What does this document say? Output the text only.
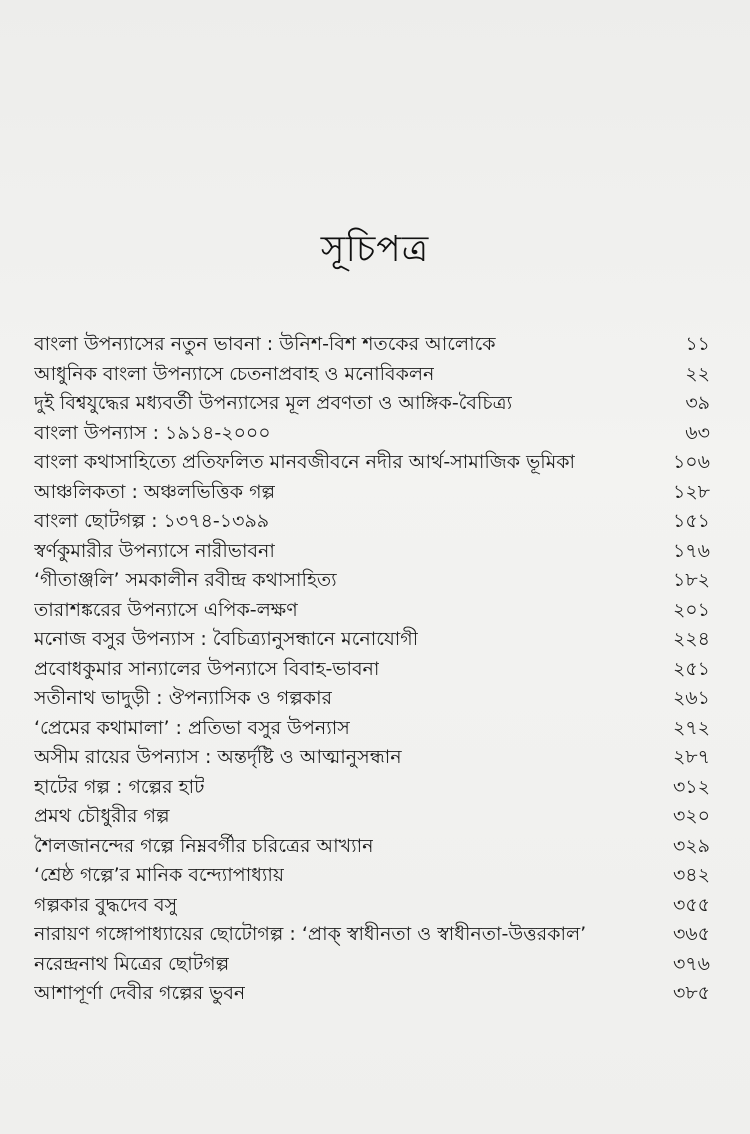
সূচিপত্র
বাংলা উপন্যাসের নতুন ভাবনা : উনিশ-বিশ শতকের আলোকে	১১
আধুনিক বাংলা উপন্যাসে চেতনাপ্রবাহ ও মনোবিকলন	২২
দুই বিশ্বযুদ্ধের মধ্যবর্তী উপন্যাসের মূল প্রবণতা ও আঙ্গিক-বৈচিত্র্য	৩৯
বাংলা উপন্যাস : ১৯১৪-২০০০	৬৩
বাংলা কথাসাহিত্যে প্রতিফলিত মানবজীবনে নদীর আর্থ-সামাজিক ভূমিকা	১০৬
আঞ্চলিকতা : অঞ্চলভিত্তিক গল্প	১২৮
বাংলা ছোটগল্প : ১৩৭৪-১৩৯৯	১৫১
স্বর্ণকুমারীর উপন্যাসে নারীভাবনা	১৭৬
‘গীতাঞ্জলি’ সমকালীন রবীন্দ্র কথাসাহিত্য	১৮২
তারাশঙ্করের উপন্যাসে এপিক-লক্ষণ	২০১
মনোজ বসুর উপন্যাস : বৈচিত্র্যানুসন্ধানে মনোযোগী	২২৪
প্রবোধকুমার সান্যালের উপন্যাসে বিবাহ-ভাবনা	২৫১
সতীনাথ ভাদুড়ী : ঔপন্যাসিক ও গল্পকার	২৬১
‘প্রেমের কথামালা’ : প্রতিভা বসুর উপন্যাস	২৭২
অসীম রায়ের উপন্যাস : অন্তর্দৃষ্টি ও আত্মানুসন্ধান	২৮৭
হাটের গল্প : গল্পের হাট	৩১২
প্রমথ চৌধুরীর গল্প	৩২০
শৈলজানন্দের গল্পে নিম্নবর্গীর চরিত্রের আখ্যান	৩২৯
‘শ্রেষ্ঠ গল্পে’র মানিক বন্দ্যোপাধ্যায়	৩৪২
গল্পকার বুদ্ধদেব বসু	৩৫৫
নারায়ণ গঙ্গোপাধ্যায়ের ছোটোগল্প : ‘প্রাক্ স্বাধীনতা ও স্বাধীনতা-উত্তরকাল’	৩৬৫
নরেন্দ্রনাথ মিত্রের ছোটগল্প	৩৭৬
আশাপূর্ণা দেবীর গল্পের ভুবন	৩৮৫
